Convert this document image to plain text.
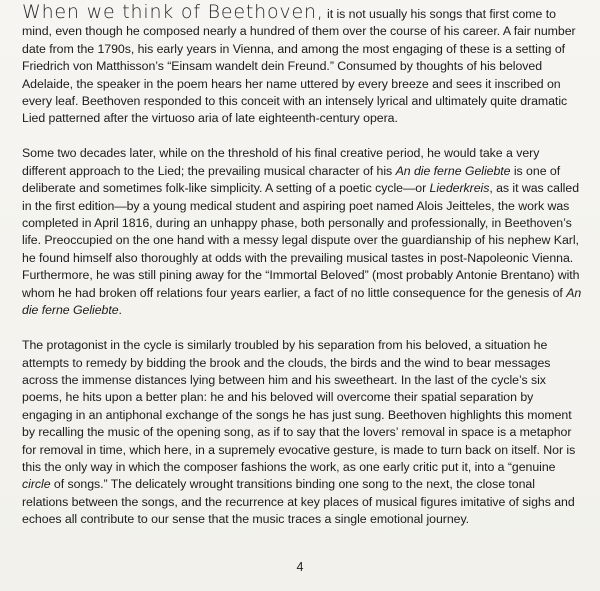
When we think of Beethoven, it is not usually his songs that first come to mind, even though he composed nearly a hundred of them over the course of his career. A fair number date from the 1790s, his early years in Vienna, and among the most engaging of these is a setting of Friedrich von Matthisson’s “Einsam wandelt dein Freund.” Consumed by thoughts of his beloved Adelaide, the speaker in the poem hears her name uttered by every breeze and sees it inscribed on every leaf. Beethoven responded to this conceit with an intensely lyrical and ultimately quite dramatic Lied patterned after the virtuoso aria of late eighteenth-century opera.

Some two decades later, while on the threshold of his final creative period, he would take a very different approach to the Lied; the prevailing musical character of his An die ferne Geliebte is one of deliberate and sometimes folk-like simplicity. A setting of a poetic cycle—or Liederkreis, as it was called in the first edition—by a young medical student and aspiring poet named Alois Jeitteles, the work was completed in April 1816, during an unhappy phase, both personally and professionally, in Beethoven’s life. Preoccupied on the one hand with a messy legal dispute over the guardianship of his nephew Karl, he found himself also thoroughly at odds with the prevailing musical tastes in post-Napoleonic Vienna. Furthermore, he was still pining away for the “Immortal Beloved” (most probably Antonie Brentano) with whom he had broken off relations four years earlier, a fact of no little consequence for the genesis of An die ferne Geliebte.

The protagonist in the cycle is similarly troubled by his separation from his beloved, a situation he attempts to remedy by bidding the brook and the clouds, the birds and the wind to bear messages across the immense distances lying between him and his sweetheart. In the last of the cycle’s six poems, he hits upon a better plan: he and his beloved will overcome their spatial separation by engaging in an antiphonal exchange of the songs he has just sung. Beethoven highlights this moment by recalling the music of the opening song, as if to say that the lovers’ removal in space is a metaphor for removal in time, which here, in a supremely evocative gesture, is made to turn back on itself. Nor is this the only way in which the composer fashions the work, as one early critic put it, into a “genuine circle of songs.” The delicately wrought transitions binding one song to the next, the close tonal relations between the songs, and the recurrence at key places of musical figures imitative of sighs and echoes all contribute to our sense that the music traces a single emotional journey.

4
